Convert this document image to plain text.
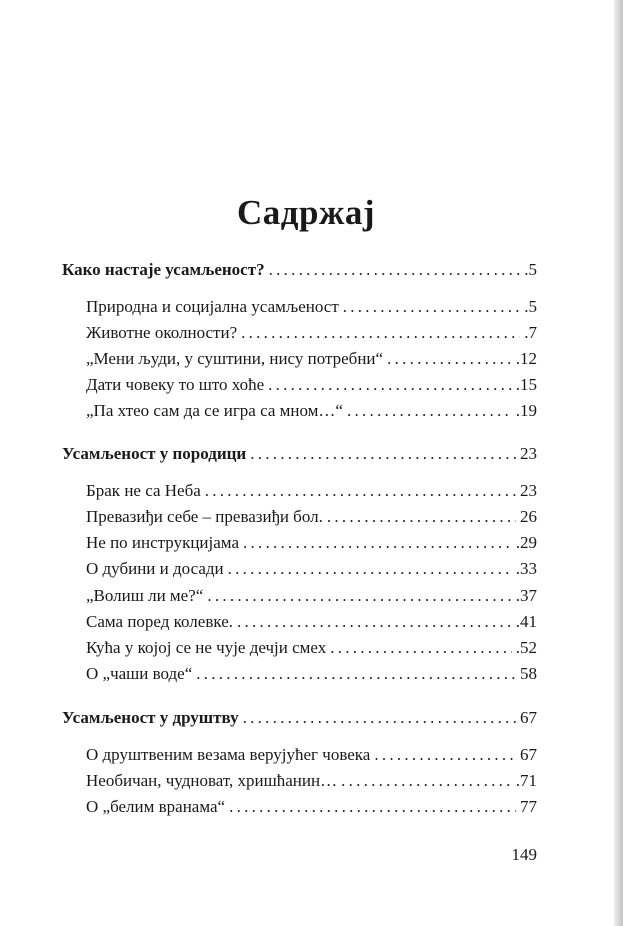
Садржај
Како настаје усамљеност? . . .	.5
Природна и социјална усамљеност . . .	.5
Животне околности? . . .	.7
„Мени људи, у суштини, нису потребни“ . . .	.12
Дати човеку то што хоће . . .	.15
„Па хтео сам да се игра са мном…“ . . .	.19
Усамљеност у породици . . .	23
Брак не са Неба . . .	23
Превазиђи себе – превазиђи бол. . . .	26
Не по инструкцијама . . .	.29
О дубини и досади . . .	.33
„Волиш ли ме?“ . . .	.37
Сама поред колевке. . . .	.41
Кућа у којој се не чује дечји смех . . .	.52
О „чаши воде“ . . .	58
Усамљеност у друштву . . .	67
О друштвеним везама верујућег човека . . .	67
Необичан, чудноват, хришћанин… . . .	.71
О „белим вранама“ . . .	77
149
